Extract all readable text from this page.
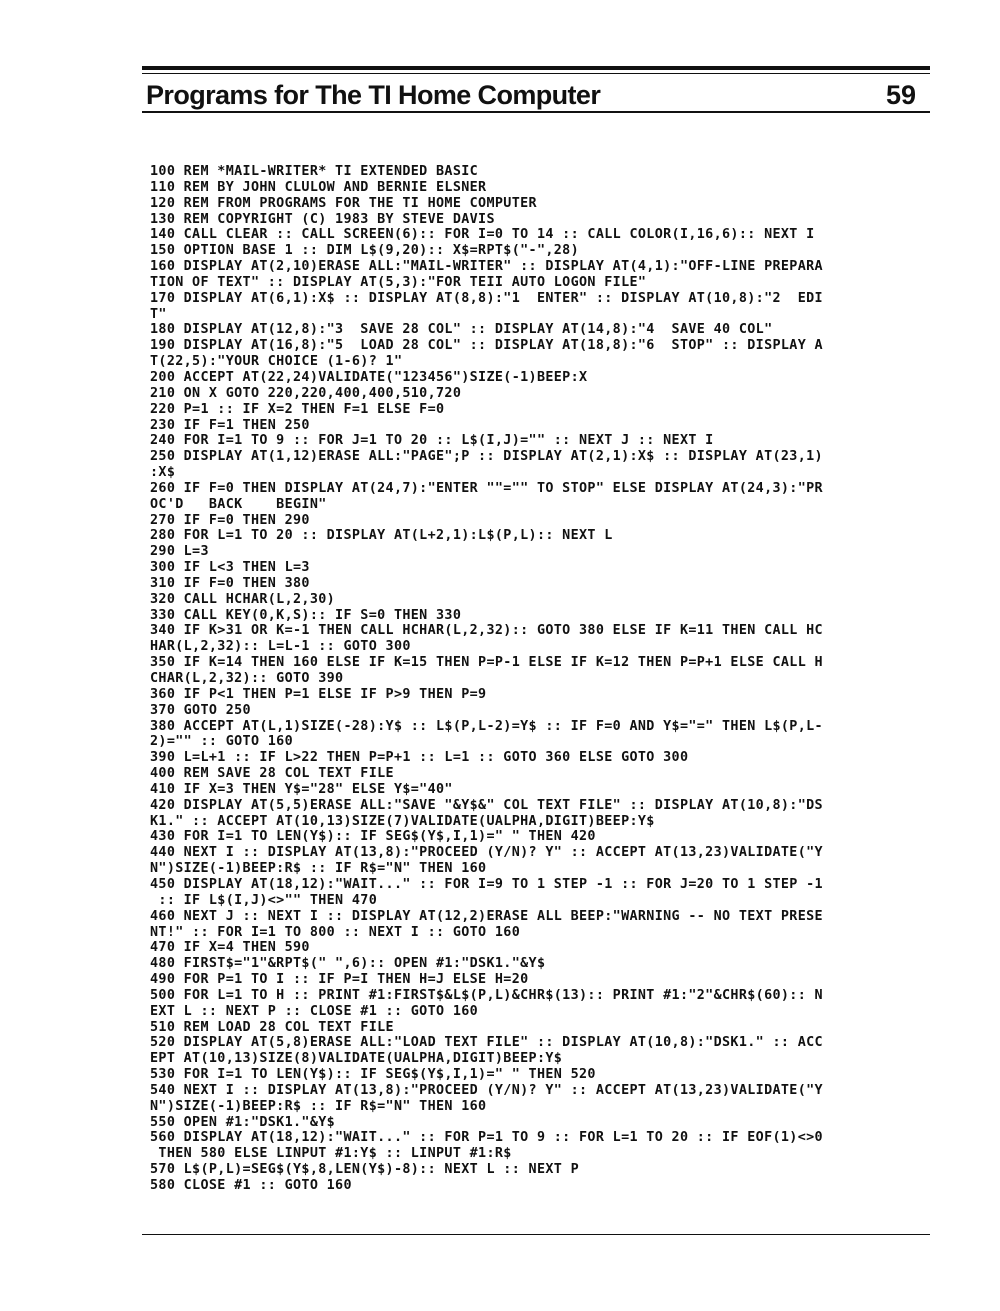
Programs for The TI Home Computer	59
100 REM *MAIL-WRITER* TI EXTENDED BASIC
110 REM BY JOHN CLULOW AND BERNIE ELSNER
120 REM FROM PROGRAMS FOR THE TI HOME COMPUTER
130 REM COPYRIGHT (C) 1983 BY STEVE DAVIS
140 CALL CLEAR :: CALL SCREEN(6):: FOR I=0 TO 14 :: CALL COLOR(I,16,6):: NEXT I
150 OPTION BASE 1 :: DIM L$(9,20):: X$=RPT$("-",28)
160 DISPLAY AT(2,10)ERASE ALL:"MAIL-WRITER" :: DISPLAY AT(4,1):"OFF-LINE PREPARA
TION OF TEXT" :: DISPLAY AT(5,3):"FOR TEII AUTO LOGON FILE"
170 DISPLAY AT(6,1):X$ :: DISPLAY AT(8,8):"1  ENTER" :: DISPLAY AT(10,8):"2  EDI
T"
180 DISPLAY AT(12,8):"3  SAVE 28 COL" :: DISPLAY AT(14,8):"4  SAVE 40 COL"
190 DISPLAY AT(16,8):"5  LOAD 28 COL" :: DISPLAY AT(18,8):"6  STOP" :: DISPLAY A
T(22,5):"YOUR CHOICE (1-6)? 1"
200 ACCEPT AT(22,24)VALIDATE("123456")SIZE(-1)BEEP:X
210 ON X GOTO 220,220,400,400,510,720
220 P=1 :: IF X=2 THEN F=1 ELSE F=0
230 IF F=1 THEN 250
240 FOR I=1 TO 9 :: FOR J=1 TO 20 :: L$(I,J)="" :: NEXT J :: NEXT I
250 DISPLAY AT(1,12)ERASE ALL:"PAGE";P :: DISPLAY AT(2,1):X$ :: DISPLAY AT(23,1)
:X$
260 IF F=0 THEN DISPLAY AT(24,7):"ENTER ""="" TO STOP" ELSE DISPLAY AT(24,3):"PR
OC'D   BACK    BEGIN"
270 IF F=0 THEN 290
280 FOR L=1 TO 20 :: DISPLAY AT(L+2,1):L$(P,L):: NEXT L
290 L=3
300 IF L<3 THEN L=3
310 IF F=0 THEN 380
320 CALL HCHAR(L,2,30)
330 CALL KEY(0,K,S):: IF S=0 THEN 330
340 IF K>31 OR K=-1 THEN CALL HCHAR(L,2,32):: GOTO 380 ELSE IF K=11 THEN CALL HC
HAR(L,2,32):: L=L-1 :: GOTO 300
350 IF K=14 THEN 160 ELSE IF K=15 THEN P=P-1 ELSE IF K=12 THEN P=P+1 ELSE CALL H
CHAR(L,2,32):: GOTO 390
360 IF P<1 THEN P=1 ELSE IF P>9 THEN P=9
370 GOTO 250
380 ACCEPT AT(L,1)SIZE(-28):Y$ :: L$(P,L-2)=Y$ :: IF F=0 AND Y$="=" THEN L$(P,L-
2)="" :: GOTO 160
390 L=L+1 :: IF L>22 THEN P=P+1 :: L=1 :: GOTO 360 ELSE GOTO 300
400 REM SAVE 28 COL TEXT FILE
410 IF X=3 THEN Y$="28" ELSE Y$="40"
420 DISPLAY AT(5,5)ERASE ALL:"SAVE "&Y$&" COL TEXT FILE" :: DISPLAY AT(10,8):"DS
K1." :: ACCEPT AT(10,13)SIZE(7)VALIDATE(UALPHA,DIGIT)BEEP:Y$
430 FOR I=1 TO LEN(Y$):: IF SEG$(Y$,I,1)=" " THEN 420
440 NEXT I :: DISPLAY AT(13,8):"PROCEED (Y/N)? Y" :: ACCEPT AT(13,23)VALIDATE("Y
N")SIZE(-1)BEEP:R$ :: IF R$="N" THEN 160
450 DISPLAY AT(18,12):"WAIT..." :: FOR I=9 TO 1 STEP -1 :: FOR J=20 TO 1 STEP -1
:: IF L$(I,J)<>"" THEN 470
460 NEXT J :: NEXT I :: DISPLAY AT(12,2)ERASE ALL BEEP:"WARNING -- NO TEXT PRESE
NT!" :: FOR I=1 TO 800 :: NEXT I :: GOTO 160
470 IF X=4 THEN 590
480 FIRST$="1"&RPT$(" ",6):: OPEN #1:"DSK1."&Y$
490 FOR P=1 TO I :: IF P=I THEN H=J ELSE H=20
500 FOR L=1 TO H :: PRINT #1:FIRST$&L$(P,L)&CHR$(13):: PRINT #1:"2"&CHR$(60):: N
EXT L :: NEXT P :: CLOSE #1 :: GOTO 160
510 REM LOAD 28 COL TEXT FILE
520 DISPLAY AT(5,8)ERASE ALL:"LOAD TEXT FILE" :: DISPLAY AT(10,8):"DSK1." :: ACC
EPT AT(10,13)SIZE(8)VALIDATE(UALPHA,DIGIT)BEEP:Y$
530 FOR I=1 TO LEN(Y$):: IF SEG$(Y$,I,1)=" " THEN 520
540 NEXT I :: DISPLAY AT(13,8):"PROCEED (Y/N)? Y" :: ACCEPT AT(13,23)VALIDATE("Y
N")SIZE(-1)BEEP:R$ :: IF R$="N" THEN 160
550 OPEN #1:"DSK1."&Y$
560 DISPLAY AT(18,12):"WAIT..." :: FOR P=1 TO 9 :: FOR L=1 TO 20 :: IF EOF(1)<>0
THEN 580 ELSE LINPUT #1:Y$ :: LINPUT #1:R$
570 L$(P,L)=SEG$(Y$,8,LEN(Y$)-8):: NEXT L :: NEXT P
580 CLOSE #1 :: GOTO 160
